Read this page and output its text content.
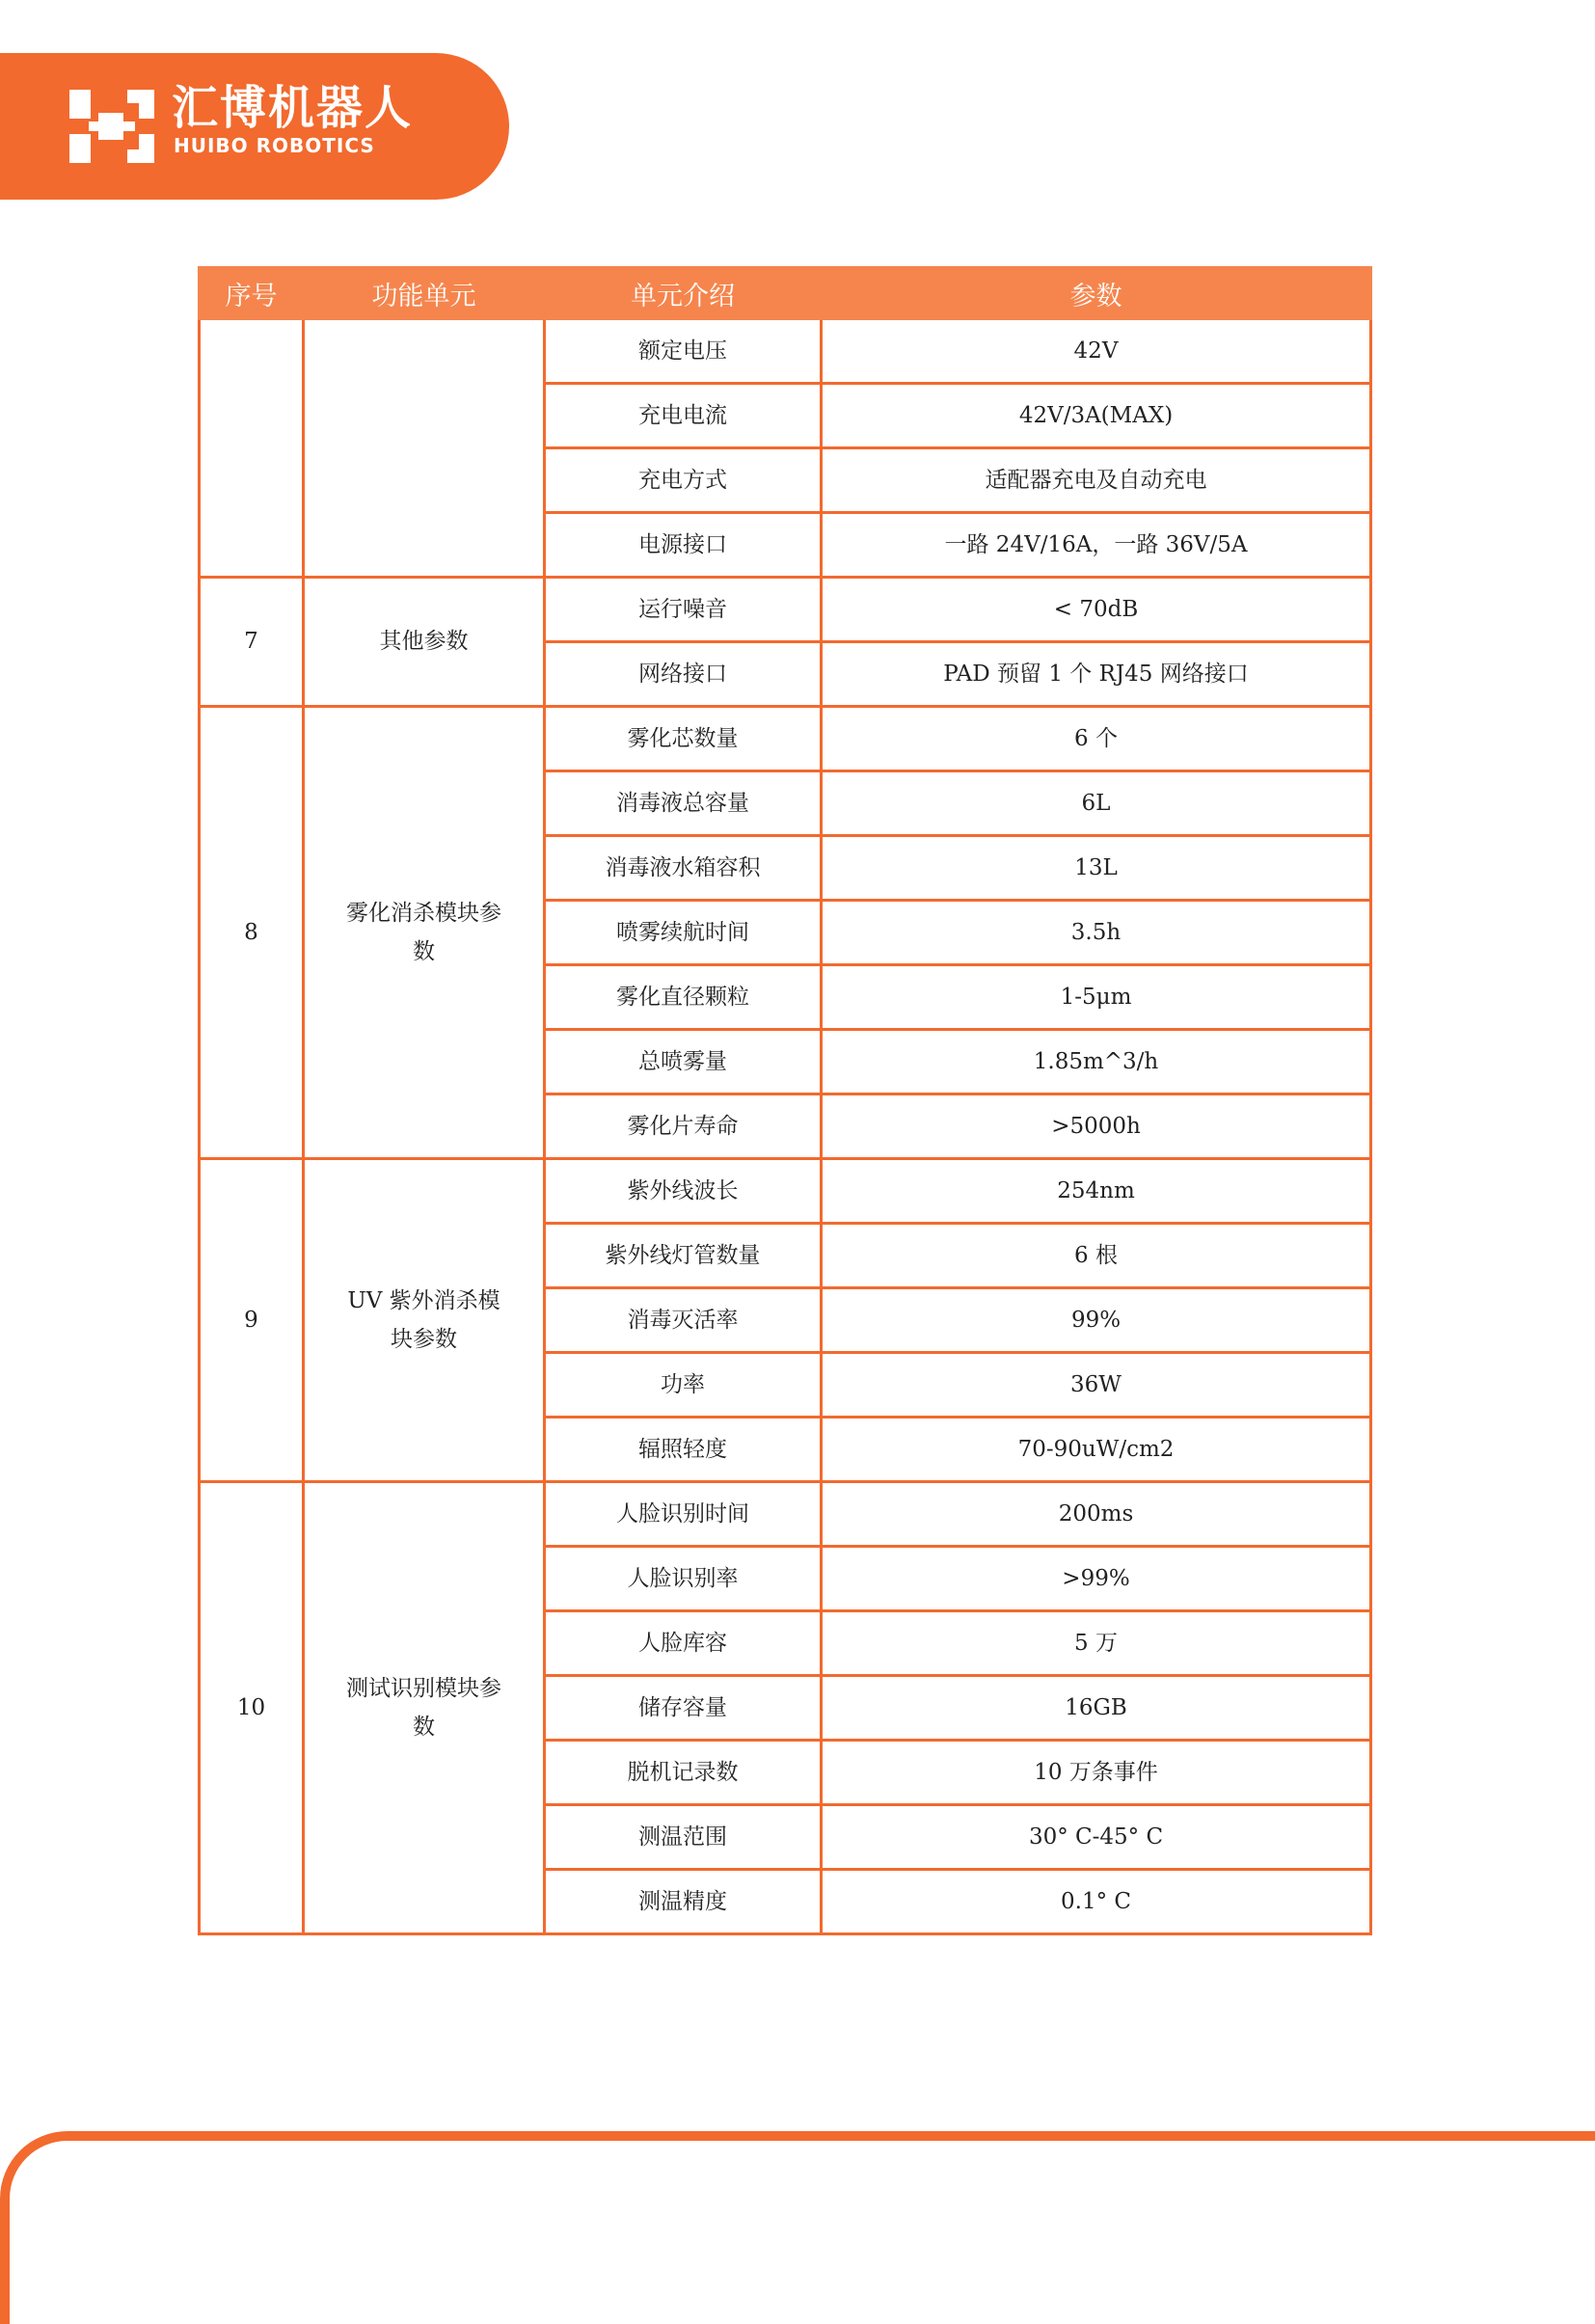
汇博机器人
HUIBO ROBOTICS
序号	功能单元	单元介绍	参数
		额定电压	42V
		充电电流	42V/3A(MAX)
		充电方式	适配器充电及自动充电
		电源接口	一路 24V/16A，一路 36V/5A
7	其他参数	运行噪音	< 70dB
		网络接口	PAD 预留 1 个 RJ45 网络接口
8	雾化消杀模块参数	雾化芯数量	6 个
		消毒液总容量	6L
		消毒液水箱容积	13L
		喷雾续航时间	3.5h
		雾化直径颗粒	1-5μm
		总喷雾量	1.85m^3/h
		雾化片寿命	>5000h
9	UV 紫外消杀模块参数	紫外线波长	254nm
		紫外线灯管数量	6 根
		消毒灭活率	99%
		功率	36W
		辐照轻度	70-90uW/cm2
10	测试识别模块参数	人脸识别时间	200ms
		人脸识别率	>99%
		人脸库容	5 万
		储存容量	16GB
		脱机记录数	10 万条事件
		测温范围	30° C-45° C
		测温精度	0.1° C
